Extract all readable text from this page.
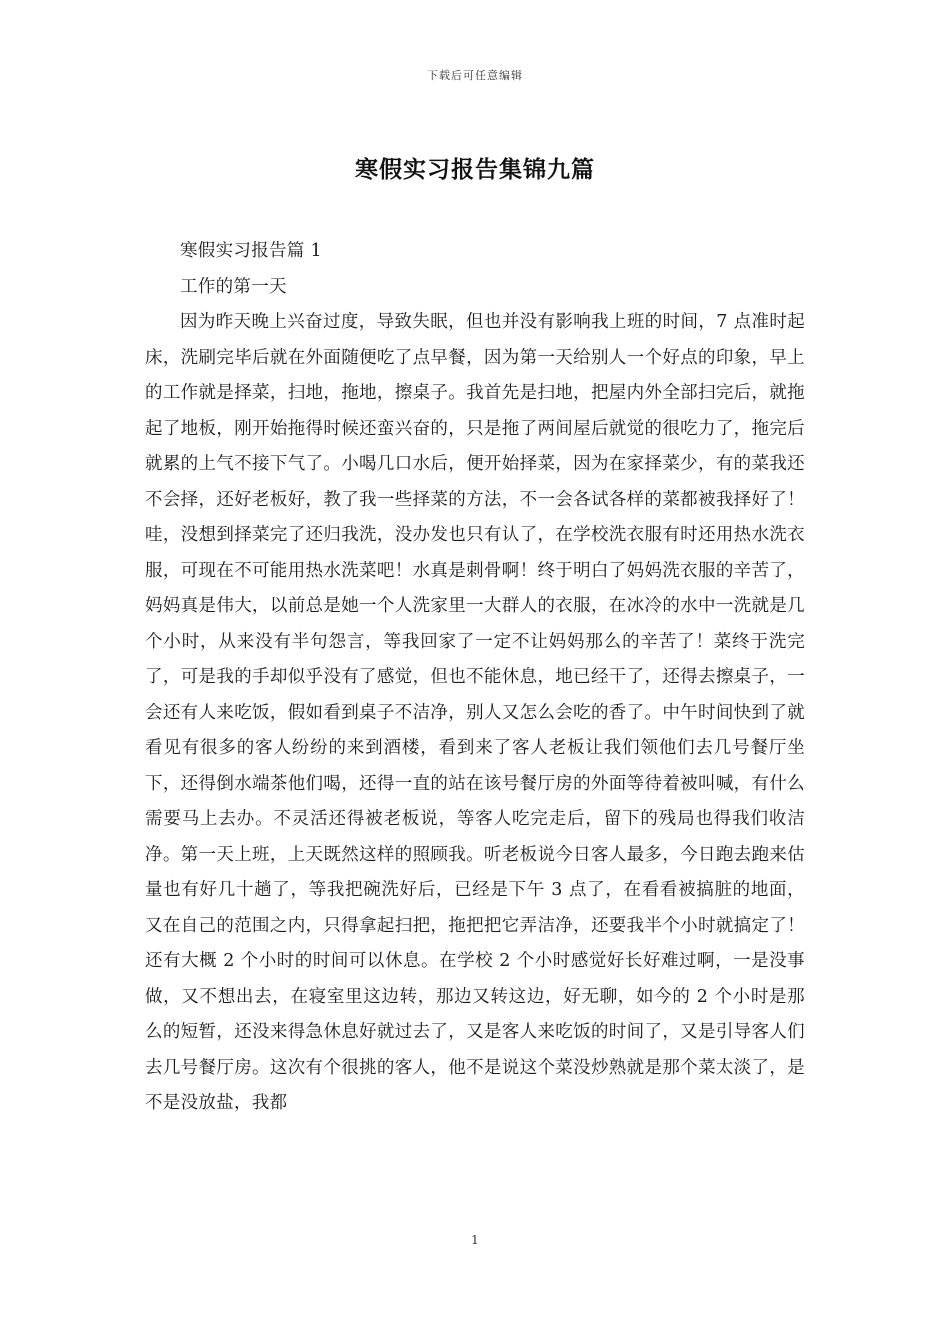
下载后可任意编辑
寒假实习报告集锦九篇

寒假实习报告篇 1

工作的第一天

因为昨天晚上兴奋过度，导致失眠，但也并没有影响我上班的时间，7 点准时起床，洗刷完毕后就在外面随便吃了点早餐，因为第一天给别人一个好点的印象，早上的工作就是择菜，扫地，拖地，擦桌子。我首先是扫地，把屋内外全部扫完后，就拖起了地板，刚开始拖得时候还蛮兴奋的，只是拖了两间屋后就觉的很吃力了，拖完后就累的上气不接下气了。小喝几口水后，便开始择菜，因为在家择菜少，有的菜我还不会择，还好老板好，教了我一些择菜的方法，不一会各试各样的菜都被我择好了！哇，没想到择菜完了还归我洗，没办发也只有认了，在学校洗衣服有时还用热水洗衣服，可现在不可能用热水洗菜吧！水真是刺骨啊！终于明白了妈妈洗衣服的辛苦了，妈妈真是伟大，以前总是她一个人洗家里一大群人的衣服，在冰冷的水中一洗就是几个小时，从来没有半句怨言，等我回家了一定不让妈妈那么的辛苦了！菜终于洗完了，可是我的手却似乎没有了感觉，但也不能休息，地已经干了，还得去擦桌子，一会还有人来吃饭，假如看到桌子不洁净，别人又怎么会吃的香了。中午时间快到了就看见有很多的客人纷纷的来到酒楼，看到来了客人老板让我们领他们去几号餐厅坐下，还得倒水端茶他们喝，还得一直的站在该号餐厅房的外面等待着被叫喊，有什么需要马上去办。不灵活还得被老板说，等客人吃完走后，留下的残局也得我们收洁净。第一天上班，上天既然这样的照顾我。听老板说今日客人最多，今日跑去跑来估量也有好几十趟了，等我把碗洗好后，已经是下午 3 点了，在看看被搞脏的地面，又在自己的范围之内，只得拿起扫把，拖把把它弄洁净，还要我半个小时就搞定了！还有大概 2 个小时的时间可以休息。在学校 2 个小时感觉好长好难过啊，一是没事做，又不想出去，在寝室里这边转，那边又转这边，好无聊，如今的 2 个小时是那么的短暂，还没来得急休息好就过去了，又是客人来吃饭的时间了，又是引导客人们去几号餐厅房。这次有个很挑的客人，他不是说这个菜没炒熟就是那个菜太淡了，是不是没放盐，我都

1
